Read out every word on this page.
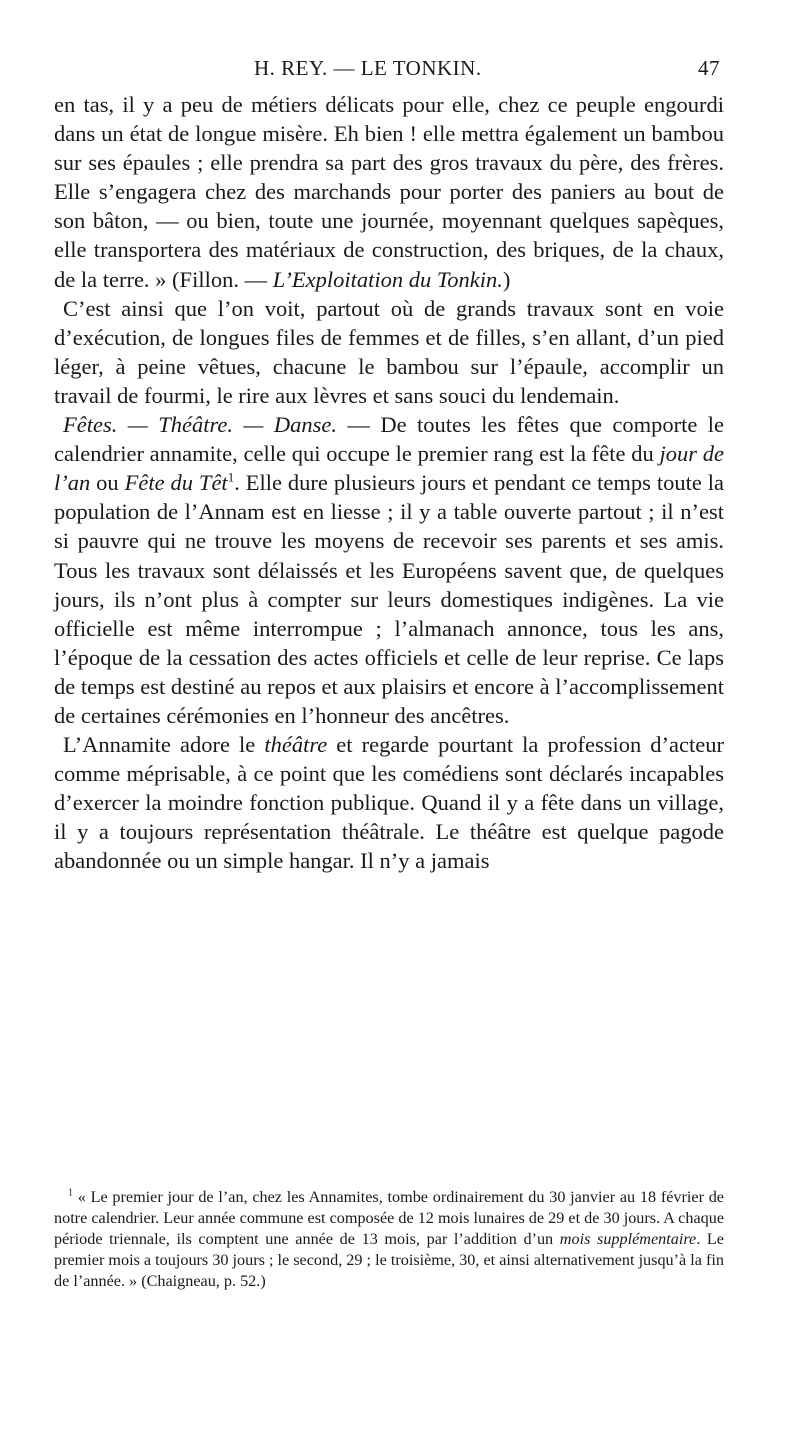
H. REY. — LE TONKIN.	47

en tas, il y a peu de métiers délicats pour elle, chez ce peuple engourdi dans un état de longue misère. Eh bien ! elle mettra également un bambou sur ses épaules ; elle prendra sa part des gros travaux du père, des frères. Elle s’engagera chez des marchands pour porter des paniers au bout de son bâton, — ou bien, toute une journée, moyennant quelques sapèques, elle transportera des matériaux de construction, des briques, de la chaux, de la terre. » (Fillon. — L’Exploitation du Tonkin.)

C’est ainsi que l’on voit, partout où de grands travaux sont en voie d’exécution, de longues files de femmes et de filles, s’en allant, d’un pied léger, à peine vêtues, chacune le bambou sur l’épaule, accomplir un travail de fourmi, le rire aux lèvres et sans souci du lendemain.

Fêtes. — Théâtre. — Danse. — De toutes les fêtes que comporte le calendrier annamite, celle qui occupe le premier rang est la fête du jour de l’an ou Fête du Têt$^1$. Elle dure plusieurs jours et pendant ce temps toute la population de l’Annam est en liesse ; il y a table ouverte partout ; il n’est si pauvre qui ne trouve les moyens de recevoir ses parents et ses amis. Tous les travaux sont délaissés et les Européens savent que, de quelques jours, ils n’ont plus à compter sur leurs domestiques indigènes. La vie officielle est même interrompue ; l’almanach annonce, tous les ans, l’époque de la cessation des actes officiels et celle de leur reprise. Ce laps de temps est destiné au repos et aux plaisirs et encore à l’accomplissement de certaines cérémonies en l’honneur des ancêtres.

L’Annamite adore le théâtre et regarde pourtant la profession d’acteur comme méprisable, à ce point que les comédiens sont déclarés incapables d’exercer la moindre fonction publique. Quand il y a fête dans un village, il y a toujours représentation théâtrale. Le théâtre est quelque pagode abandonnée ou un simple hangar. Il n’y a jamais

$^1$ « Le premier jour de l’an, chez les Annamites, tombe ordinairement du 30 janvier au 18 février de notre calendrier. Leur année commune est composée de 12 mois lunaires de 29 et de 30 jours. A chaque période triennale, ils comptent une année de 13 mois, par l’addition d’un mois supplémentaire. Le premier mois a toujours 30 jours ; le second, 29 ; le troisième, 30, et ainsi alternativement jusqu’à la fin de l’année. » (Chaigneau, p. 52.)
